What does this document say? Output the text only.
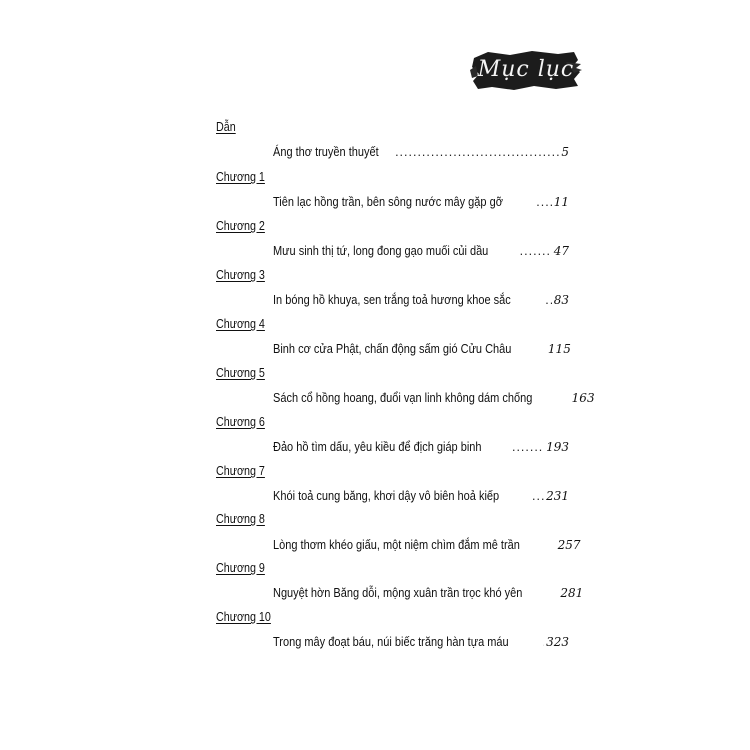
Mục lục
Dẫn
Áng thơ truyền thuyết .....	5
Chương 1
Tiên lạc hồng trần, bên sông nước mây gặp gỡ .....	11
Chương 2
Mưu sinh thị tứ, long đong gạo muối củi dầu .....	47
Chương 3
In bóng hồ khuya, sen trắng toả hương khoe sắc .....	83
Chương 4
Binh cơ cửa Phật, chấn động sấm gió Cửu Châu	115
Chương 5
Sách cổ hồng hoang, đuổi vạn linh không dám chống	163
Chương 6
Đảo hồ tìm dấu, yêu kiều để địch giáp binh .....	193
Chương 7
Khói toả cung băng, khơi dậy vô biên hoả kiếp .....	231
Chương 8
Lòng thơm khéo giấu, một niệm chìm đắm mê trần	257
Chương 9
Nguyệt hờn Băng dỗi, mộng xuân trần trọc khó yên	281
Chương 10
Trong mây đoạt báu, núi biếc trăng hàn tựa máu .....	323
